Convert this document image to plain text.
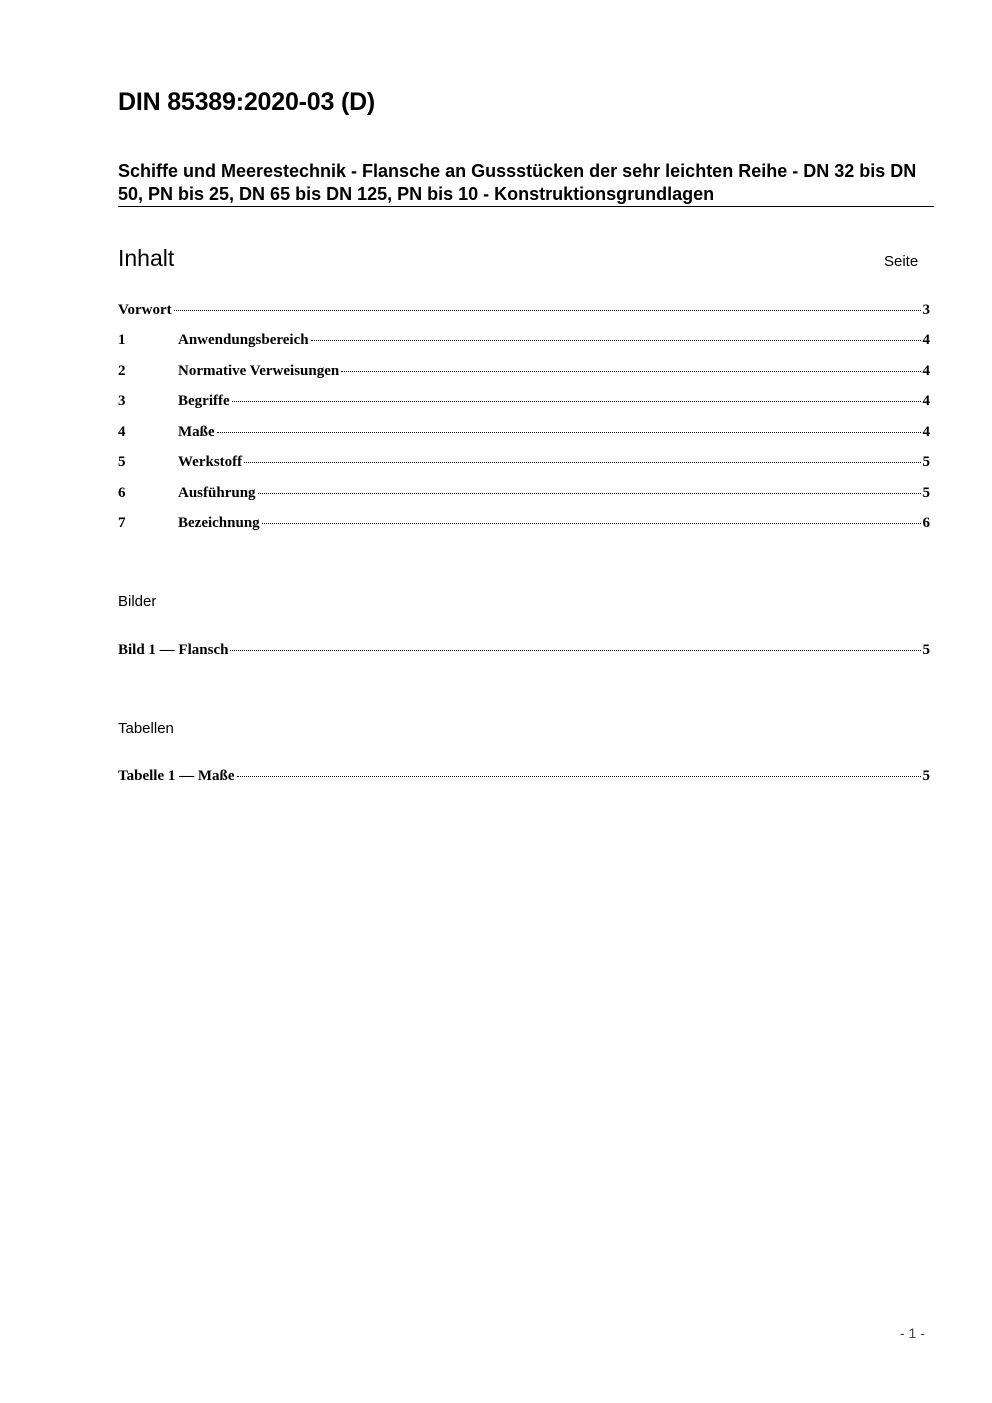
DIN 85389:2020-03 (D)
Schiffe und Meerestechnik - Flansche an Gussstücken der sehr leichten Reihe - DN 32 bis DN 50, PN bis 25, DN 65 bis DN 125, PN bis 10 - Konstruktionsgrundlagen
Inhalt	Seite
Vorwort	3
1	Anwendungsbereich	4
2	Normative Verweisungen	4
3	Begriffe	4
4	Maße	4
5	Werkstoff	5
6	Ausführung	5
7	Bezeichnung	6
Bilder
Bild 1 — Flansch	5
Tabellen
Tabelle 1 — Maße	5
- 1 -
